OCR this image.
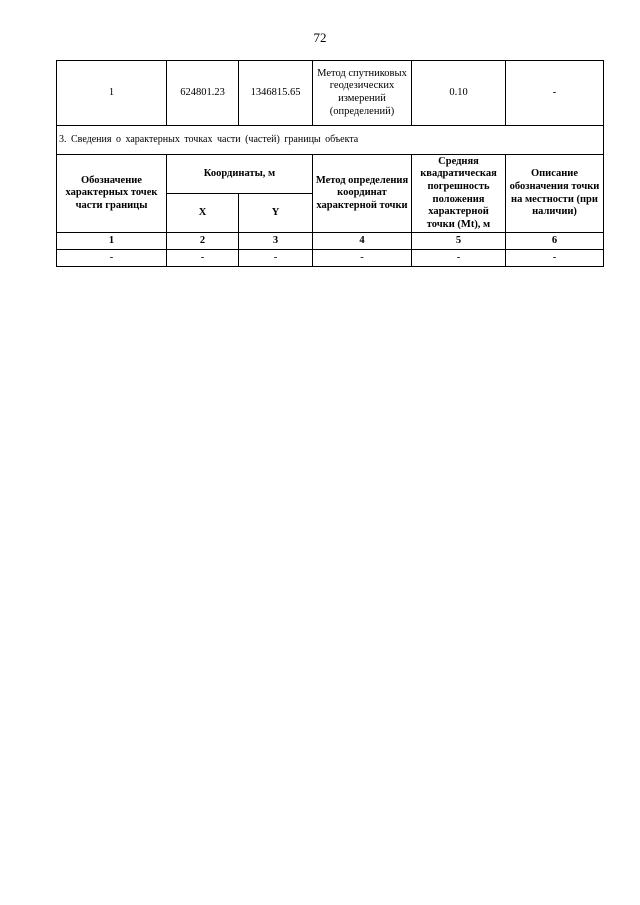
72
1	624801.23	1346815.65	Метод спутниковых геодезических измерений (определений)	0.10	-
3. Сведения о характерных точках части (частей) границы объекта					
Обозначение характерных точек части границы	Координаты, м		Метод определения координат характерной точки	Средняя квадратическая погрешность положения характерной точки (Mt), м	Описание обозначения точки на местности (при наличии)
	X	Y			
1	2	3	4	5	6
-	-	-	-	-	-
